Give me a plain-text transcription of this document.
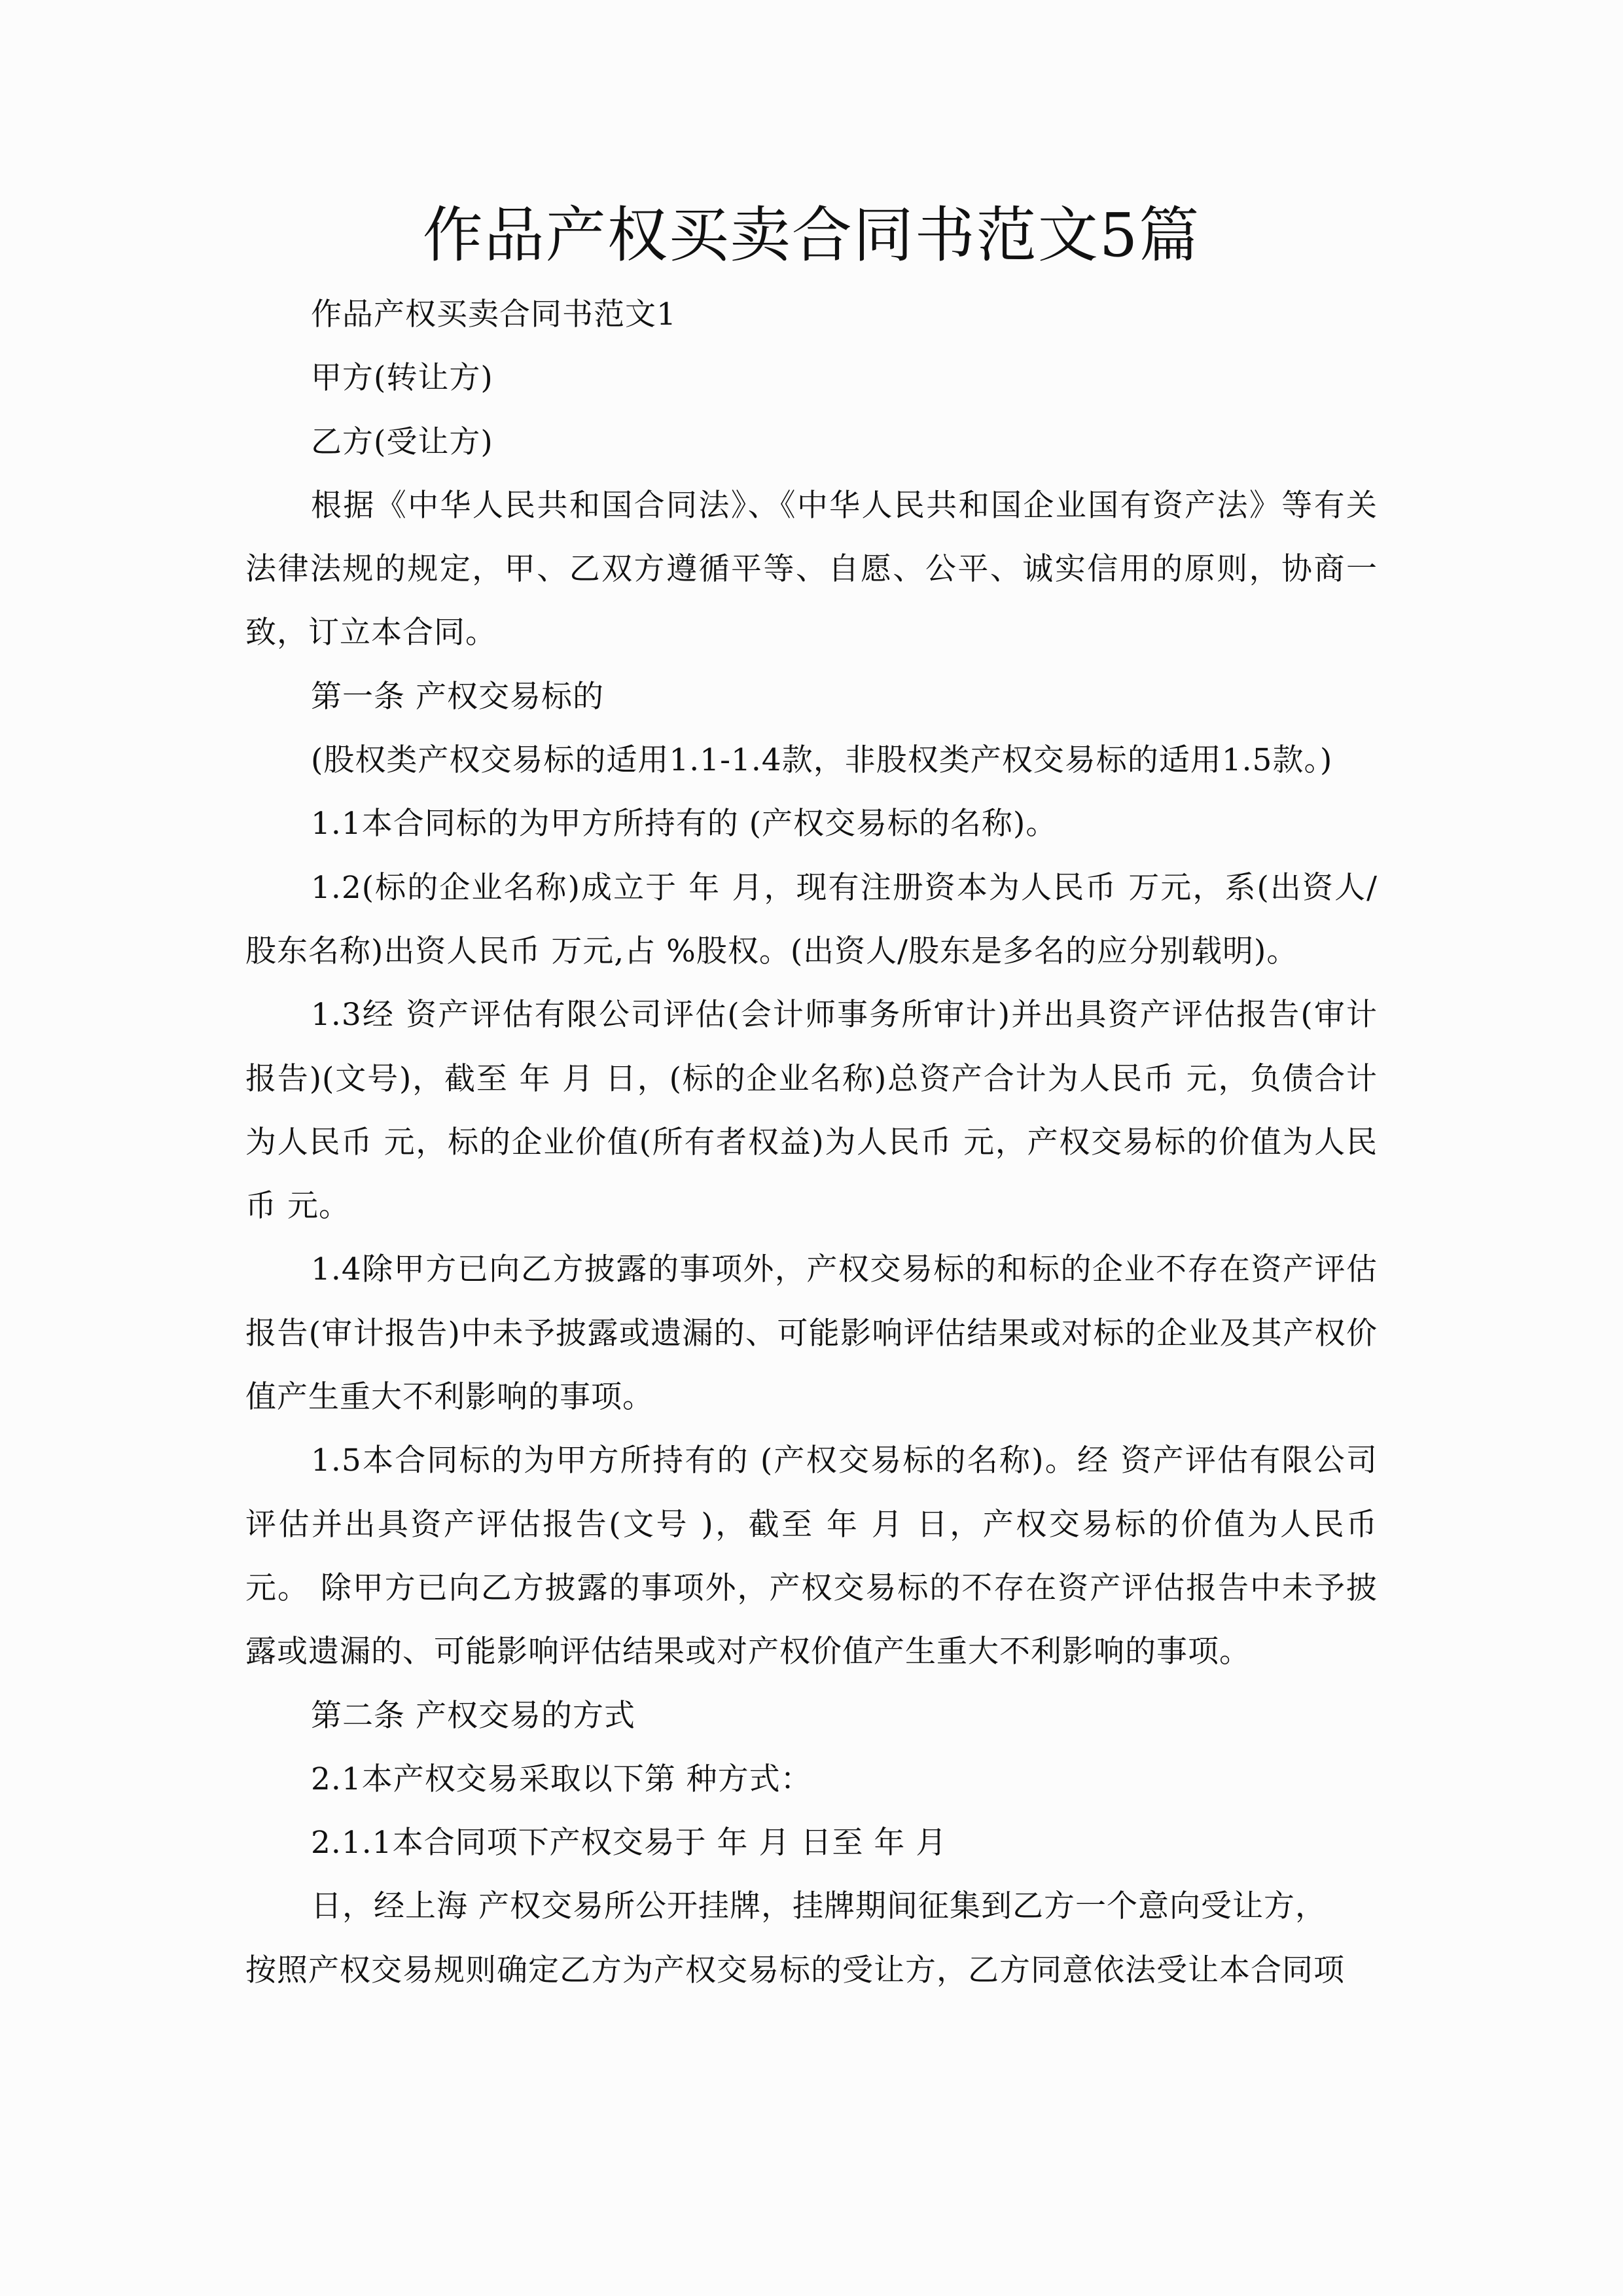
作品产权买卖合同书范文5篇

作品产权买卖合同书范文1

甲方(转让方)

乙方(受让方)

根据《中华人民共和国合同法》、《中华人民共和国企业国有资产法》等有关法律法规的规定，甲、乙双方遵循平等、自愿、公平、诚实信用的原则，协商一致，订立本合同。

第一条 产权交易标的

(股权类产权交易标的适用1.1-1.4款，非股权类产权交易标的适用1.5款。)

1.1本合同标的为甲方所持有的 (产权交易标的名称)。

1.2(标的企业名称)成立于 年 月，现有注册资本为人民币 万元，系(出资人/股东名称)出资人民币 万元,占 %股权。(出资人/股东是多名的应分别载明)。

1.3经 资产评估有限公司评估(会计师事务所审计)并出具资产评估报告(审计报告)(文号)，截至 年 月 日，(标的企业名称)总资产合计为人民币 元，负债合计为人民币 元，标的企业价值(所有者权益)为人民币 元，产权交易标的价值为人民币 元。

1.4除甲方已向乙方披露的事项外，产权交易标的和标的企业不存在资产评估报告(审计报告)中未予披露或遗漏的、可能影响评估结果或对标的企业及其产权价值产生重大不利影响的事项。

1.5本合同标的为甲方所持有的 (产权交易标的名称)。经 资产评估有限公司评估并出具资产评估报告(文号 )，截至 年 月 日，产权交易标的价值为人民币 元。 除甲方已向乙方披露的事项外，产权交易标的不存在资产评估报告中未予披露或遗漏的、可能影响评估结果或对产权价值产生重大不利影响的事项。

第二条 产权交易的方式

2.1本产权交易采取以下第 种方式：

2.1.1本合同项下产权交易于 年 月 日至 年 月

日，经上海 产权交易所公开挂牌，挂牌期间征集到乙方一个意向受让方，

按照产权交易规则确定乙方为产权交易标的受让方，乙方同意依法受让本合同项
